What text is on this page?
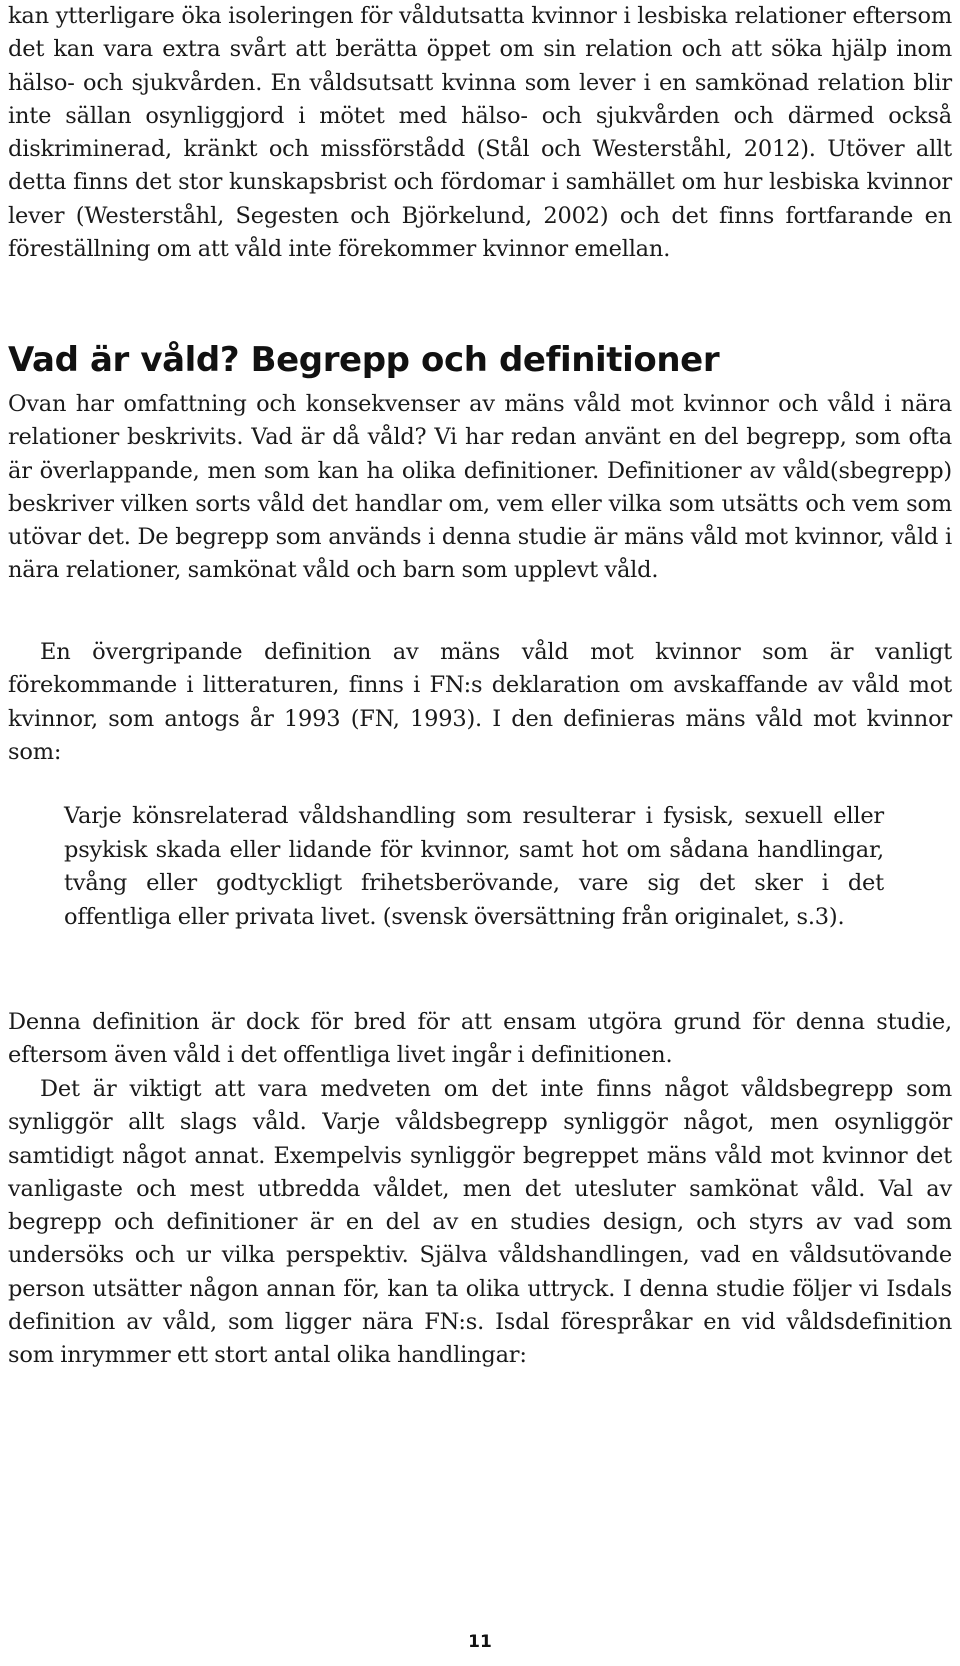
kan ytterligare öka isoleringen för våldutsatta kvinnor i lesbiska relationer eftersom det kan vara extra svårt att berätta öppet om sin relation och att söka hjälp inom hälso- och sjukvården. En våldsutsatt kvinna som lever i en samkönad relation blir inte sällan osynliggjord i mötet med hälso- och sjukvården och därmed också diskriminerad, kränkt och missförstådd (Stål och Westerståhl, 2012). Utöver allt detta finns det stor kunskapsbrist och fördomar i samhället om hur lesbiska kvinnor lever (Westerståhl, Segesten och Björkelund, 2002) och det finns fortfarande en föreställning om att våld inte förekommer kvinnor emellan.

Vad är våld? Begrepp och definitioner

Ovan har omfattning och konsekvenser av mäns våld mot kvinnor och våld i nära relationer beskrivits. Vad är då våld? Vi har redan använt en del begrepp, som ofta är överlappande, men som kan ha olika definitioner. Definitioner av våld(sbegrepp) beskriver vilken sorts våld det handlar om, vem eller vilka som utsätts och vem som utövar det. De begrepp som används i denna studie är mäns våld mot kvinnor, våld i nära relationer, samkönat våld och barn som upplevt våld.

En övergripande definition av mäns våld mot kvinnor som är vanligt förekommande i litteraturen, finns i FN:s deklaration om avskaffande av våld mot kvinnor, som antogs år 1993 (FN, 1993). I den definieras mäns våld mot kvinnor som:

Varje könsrelaterad våldshandling som resulterar i fysisk, sexuell eller psykisk skada eller lidande för kvinnor, samt hot om sådana handlingar, tvång eller godtyckligt frihetsberövande, vare sig det sker i det offentliga eller privata livet. (svensk översättning från originalet, s.3).

Denna definition är dock för bred för att ensam utgöra grund för denna studie, eftersom även våld i det offentliga livet ingår i definitionen.

Det är viktigt att vara medveten om det inte finns något våldsbegrepp som synliggör allt slags våld. Varje våldsbegrepp synliggör något, men osynliggör samtidigt något annat. Exempelvis synliggör begreppet mäns våld mot kvinnor det vanligaste och mest utbredda våldet, men det utesluter samkönat våld. Val av begrepp och definitioner är en del av en studies design, och styrs av vad som undersöks och ur vilka perspektiv. Själva våldshandlingen, vad en våldsutövande person utsätter någon annan för, kan ta olika uttryck. I denna studie följer vi Isdals definition av våld, som ligger nära FN:s. Isdal förespråkar en vid våldsdefinition som inrymmer ett stort antal olika handlingar:

11
